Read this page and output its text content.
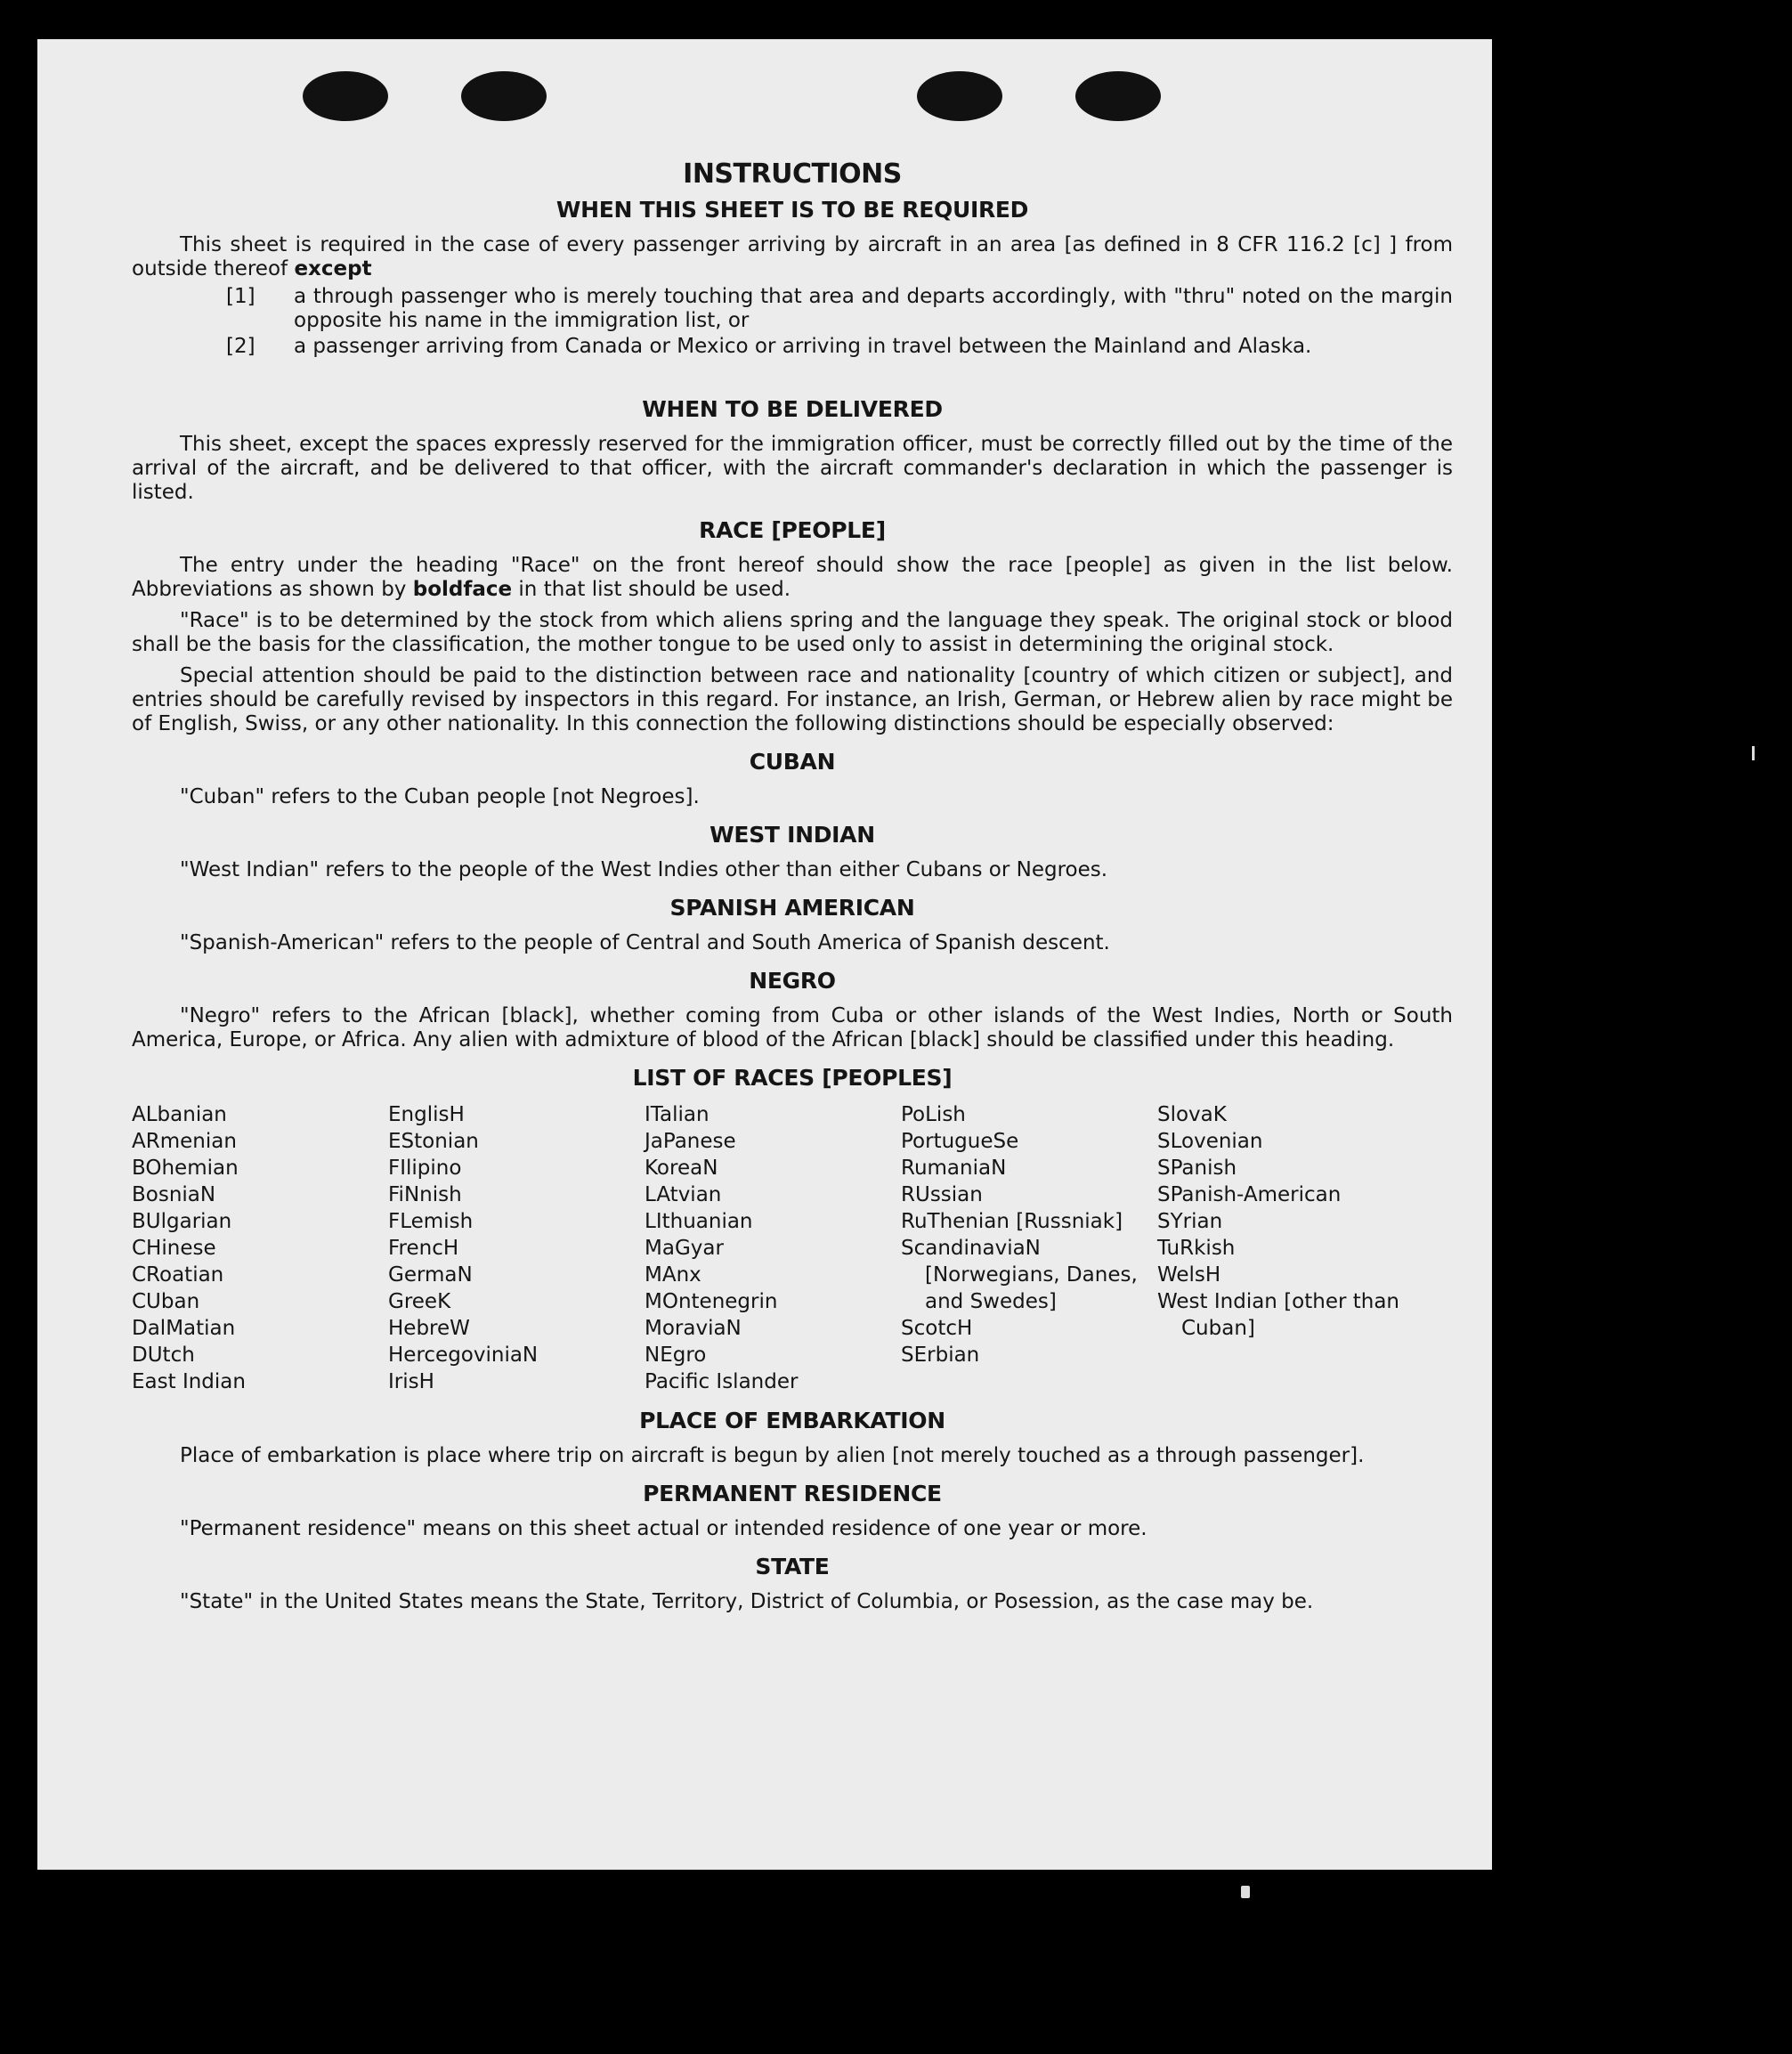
INSTRUCTIONS
WHEN THIS SHEET IS TO BE REQUIRED

This sheet is required in the case of every passenger arriving by aircraft in an area [as defined in 8 CFR 116.2 [c] ] from outside thereof except

[1] a through passenger who is merely touching that area and departs accordingly, with "thru" noted on the margin opposite his name in the immigration list, or
[2] a passenger arriving from Canada or Mexico or arriving in travel between the Mainland and Alaska.
WHEN TO BE DELIVERED

This sheet, except the spaces expressly reserved for the immigration officer, must be correctly filled out by the time of the arrival of the aircraft, and be delivered to that officer, with the aircraft commander's declaration in which the passenger is listed.

RACE [PEOPLE]

The entry under the heading "Race" on the front hereof should show the race [people] as given in the list below. Abbreviations as shown by boldface in that list should be used.

"Race" is to be determined by the stock from which aliens spring and the language they speak. The original stock or blood shall be the basis for the classification, the mother tongue to be used only to assist in determining the original stock.

Special attention should be paid to the distinction between race and nationality [country of which citizen or subject], and entries should be carefully revised by inspectors in this regard. For instance, an Irish, German, or Hebrew alien by race might be of English, Swiss, or any other nationality. In this connection the following distinctions should be especially observed:

CUBAN

"Cuban" refers to the Cuban people [not Negroes].

WEST INDIAN

"West Indian" refers to the people of the West Indies other than either Cubans or Negroes.

SPANISH AMERICAN

"Spanish-American" refers to the people of Central and South America of Spanish descent.

NEGRO

"Negro" refers to the African [black], whether coming from Cuba or other islands of the West Indies, North or South America, Europe, or Africa. Any alien with admixture of blood of the African [black] should be classified under this heading.

LIST OF RACES [PEOPLES]
ALbanian
ARmenian
BOhemian
BosniaN
BUlgarian
CHinese
CRoatian
CUban
DalMatian
DUtch
East Indian
EnglisH
EStonian
FIlipino
FiNnish
FLemish
FrencH
GermaN
GreeK
HebreW
HercegoviniaN
IrisH
ITalian
JaPanese
KoreaN
LAtvian
LIthuanian
MaGyar
MAnx
MOntenegrin
MoraviaN
NEgro
Pacific Islander
PoLish
PortugueSe
RumaniaN
RUssian
RuThenian [Russniak]
ScandinaviaN [Norwegians, Danes, and Swedes]
ScotcH
SErbian
SlovaK
SLovenian
SPanish
SPanish-American
SYrian
TuRkish
WelsH
West Indian [other than Cuban]
PLACE OF EMBARKATION

Place of embarkation is place where trip on aircraft is begun by alien [not merely touched as a through passenger].

PERMANENT RESIDENCE

"Permanent residence" means on this sheet actual or intended residence of one year or more.

STATE

"State" in the United States means the State, Territory, District of Columbia, or Posession, as the case may be.
